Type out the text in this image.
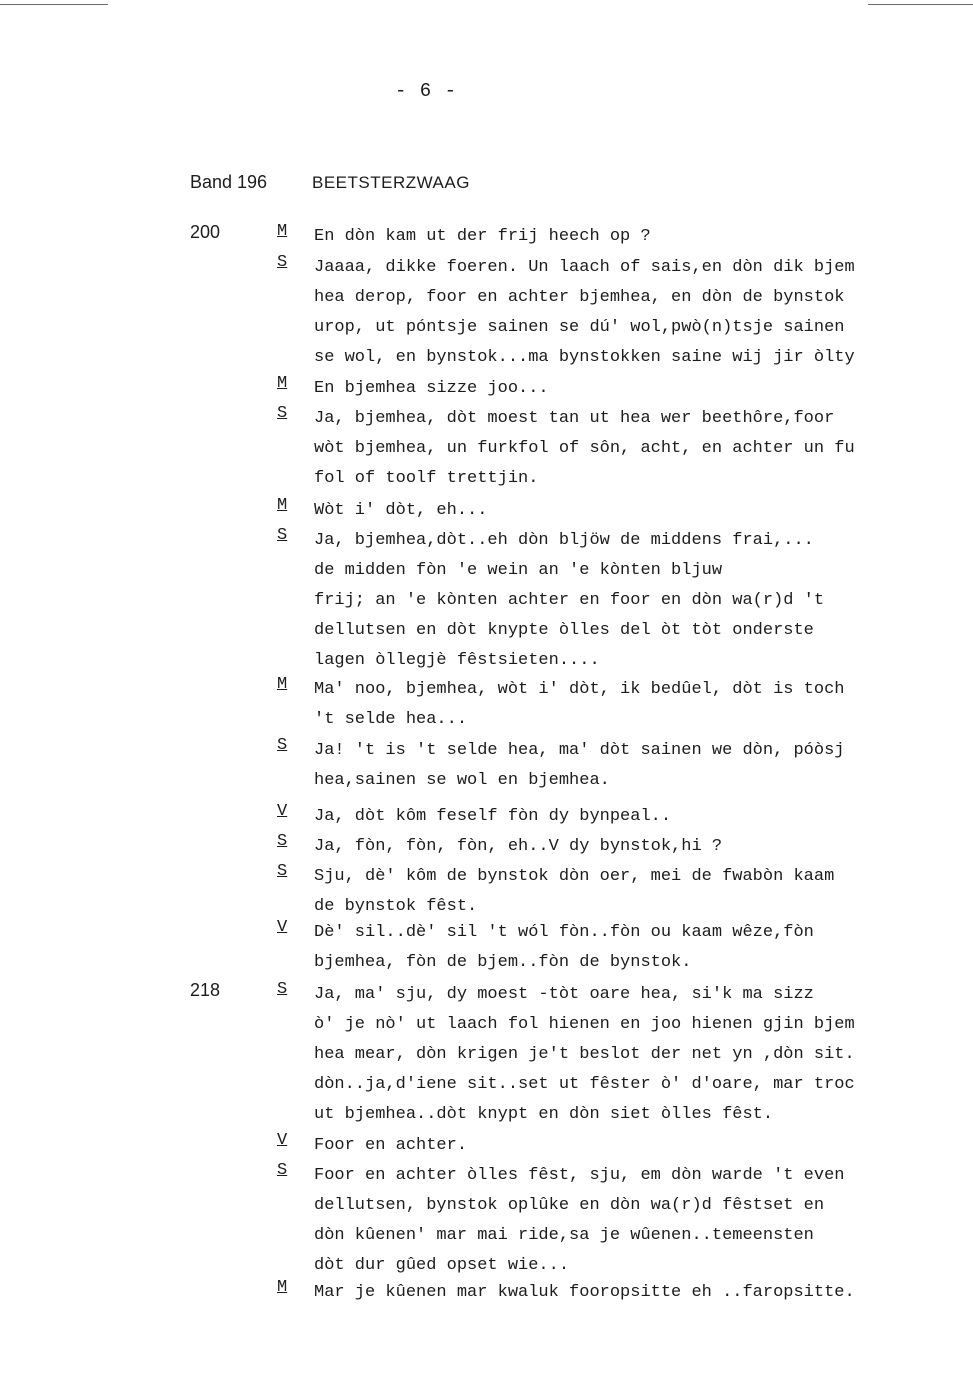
- 6 -
Band 196	BEETSTERZWAAG
200	M En dòn kam ut der frij heech op ?
S Jaaaa, dikke foeren. Un laach of sais,en dòn dik bjem
hea derop, foor en achter bjemhea, en dòn de bynstok
urop, ut póntsje sainen se dú' wol,pwò(n)tsje sainen
se wol, en bynstok...ma bynstokken saine wij jir òlty
M En bjemhea sizze joo...
S Ja, bjemhea, dòt moest tan ut hea wer beethôre,foor
wòt bjemhea, un furkfol of sôn, acht, en achter un fu
fol of toolf trettjin.
M Wòt i' dòt, eh...
S Ja, bjemhea,dòt..eh dòn bljöw de middens frai,...
de midden fòn 'e wein an 'e kònten bljuw
frij; an 'e kònten achter en foor en dòn wa(r)d 't
dellutsen en dòt knypte òlles del òt tòt onderste
lagen òllegjè fêstsieten....
M Ma' noo, bjemhea, wòt i' dòt, ik bedûel, dòt is toch
't selde hea...
S Ja! 't is 't selde hea, ma' dòt sainen we dòn, póòsj
hea,sainen se wol en bjemhea.
V Ja, dòt kôm feself fòn dy bynpeal..
S Ja, fòn, fòn, fòn, eh..V dy bynstok,hi ?
S Sju, dè' kôm de bynstok dòn oer, mei de fwabòn kaam
de bynstok fêst.
V Dè' sil..dè' sil 't wól fòn..fòn ou kaam wêze,fòn
bjemhea, fòn de bjem..fòn de bynstok.
218	S Ja, ma' sju, dy moest -tòt oare hea, si'k ma sizz
ò' je nò' ut laach fol hienen en joo hienen gjin bjem
hea mear, dòn krigen je't beslot der net yn ,dòn sit.
dòn..ja,d'iene sit..set ut fêster ò' d'oare, mar troc
ut bjemhea..dòt knypt en dòn siet òlles fêst.
V Foor en achter.
S Foor en achter òlles fêst, sju, em dòn warde 't even
dellutsen, bynstok oplûke en dòn wa(r)d fêstset en
dòn kûenen' mar mai ride,sa je wûenen..temeensten
dòt dur gûed opset wie...
M Mar je kûenen mar kwaluk fooropsitte eh ..faropsitte.
